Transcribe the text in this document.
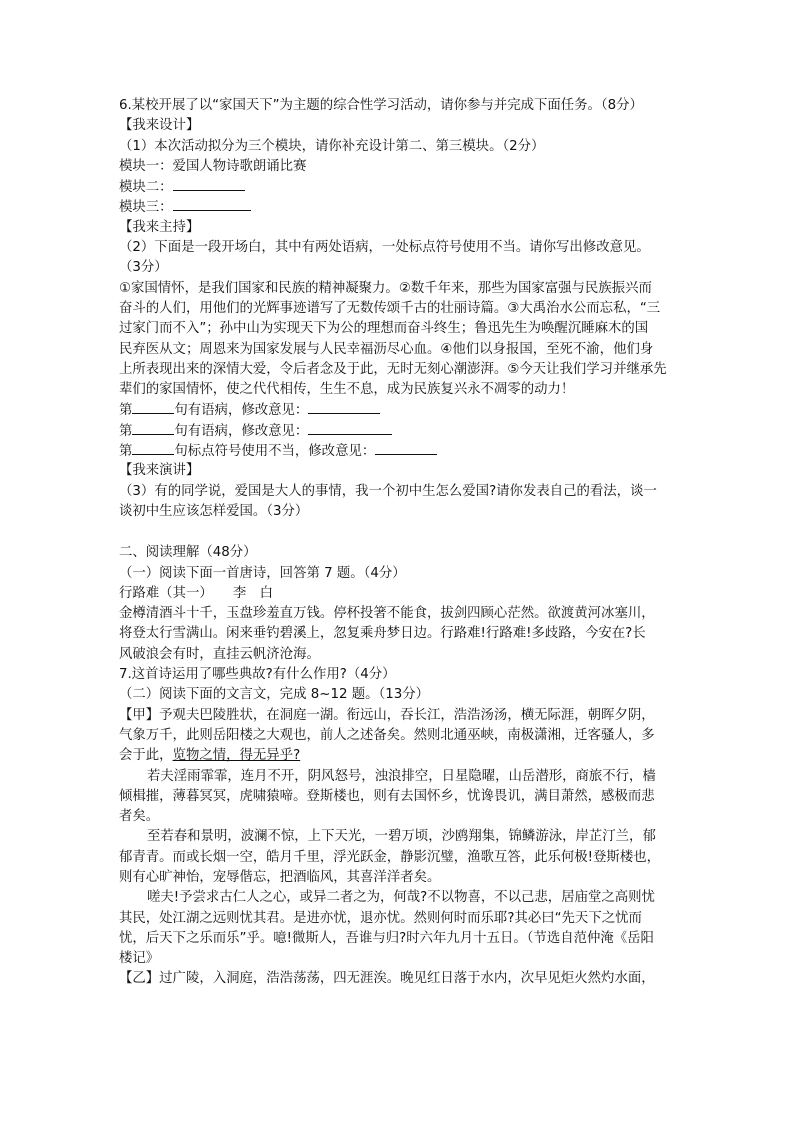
6.某校开展了以“家国天下”为主题的综合性学习活动，请你参与并完成下面任务。（8分）
【我来设计】
（1）本次活动拟分为三个模块，请你补充设计第二、第三模块。（2分）
模块一：爱国人物诗歌朗诵比赛
模块二：
模块三：
【我来主持】
（2）下面是一段开场白，其中有两处语病，一处标点符号使用不当。请你写出修改意见。
（3分）
①家国情怀，是我们国家和民族的精神凝聚力。②数千年来，那些为国家富强与民族振兴而
奋斗的人们，用他们的光辉事迹谱写了无数传颂千古的壮丽诗篇。③大禹治水公而忘私，“三
过家门而不入”；孙中山为实现天下为公的理想而奋斗终生；鲁迅先生为唤醒沉睡麻木的国
民弃医从文；周恩来为国家发展与人民幸福沥尽心血。④他们以身报国，至死不渝，他们身
上所表现出来的深情大爱，令后者念及于此，无时无刻心潮澎湃。⑤今天让我们学习并继承先
辈们的家国情怀，使之代代相传，生生不息，成为民族复兴永不凋零的动力！
第	句有语病，修改意见：
第	句有语病，修改意见：
第	句标点符号使用不当，修改意见：
【我来演讲】
（3）有的同学说，爱国是大人的事情，我一个初中生怎么爱国?请你发表自己的看法，谈一
谈初中生应该怎样爱国。（3分）
二、阅读理解（48分）
（一）阅读下面一首唐诗，回答第 7 题。（4分）
行路难（其一）　　李　白
金樽清酒斗十千，玉盘珍羞直万钱。停杯投箸不能食，拔剑四顾心茫然。欲渡黄河冰塞川，
将登太行雪满山。闲来垂钓碧溪上，忽复乘舟梦日边。行路难!行路难!多歧路，今安在?长
风破浪会有时，直挂云帆济沧海。
7.这首诗运用了哪些典故?有什么作用?（4分）
（二）阅读下面的文言文，完成 8~12 题。（13分）
【甲】予观夫巴陵胜状，在洞庭一湖。衔远山，吞长江，浩浩汤汤，横无际涯，朝晖夕阴，
气象万千，此则岳阳楼之大观也，前人之述备矣。然则北通巫峡，南极潇湘，迁客骚人，多
会于此，览物之情，得无异乎?
若夫淫雨霏霏，连月不开，阴风怒号，浊浪排空，日星隐曜，山岳潜形，商旅不行，樯
倾楫摧，薄暮冥冥，虎啸猿啼。登斯楼也，则有去国怀乡，忧谗畏讥，满目萧然，感极而悲
者矣。
至若春和景明，波澜不惊，上下天光，一碧万顷，沙鸥翔集，锦鳞游泳，岸芷汀兰，郁
郁青青。而或长烟一空，皓月千里，浮光跃金，静影沉璧，渔歌互答，此乐何极!登斯楼也，
则有心旷神怡，宠辱偕忘，把酒临风，其喜洋洋者矣。
嗟夫!予尝求古仁人之心，或异二者之为，何哉?不以物喜，不以己悲，居庙堂之高则忧
其民，处江湖之远则忧其君。是进亦忧，退亦忧。然则何时而乐耶?其必曰“先天下之忧而
忧，后天下之乐而乐”乎。噫!微斯人，吾谁与归?时六年九月十五日。（节选自范仲淹《岳阳
楼记》
【乙】过广陵，入洞庭，浩浩荡荡，四无涯涘。晚见红日落于水内，次早见炬火然灼水面，
